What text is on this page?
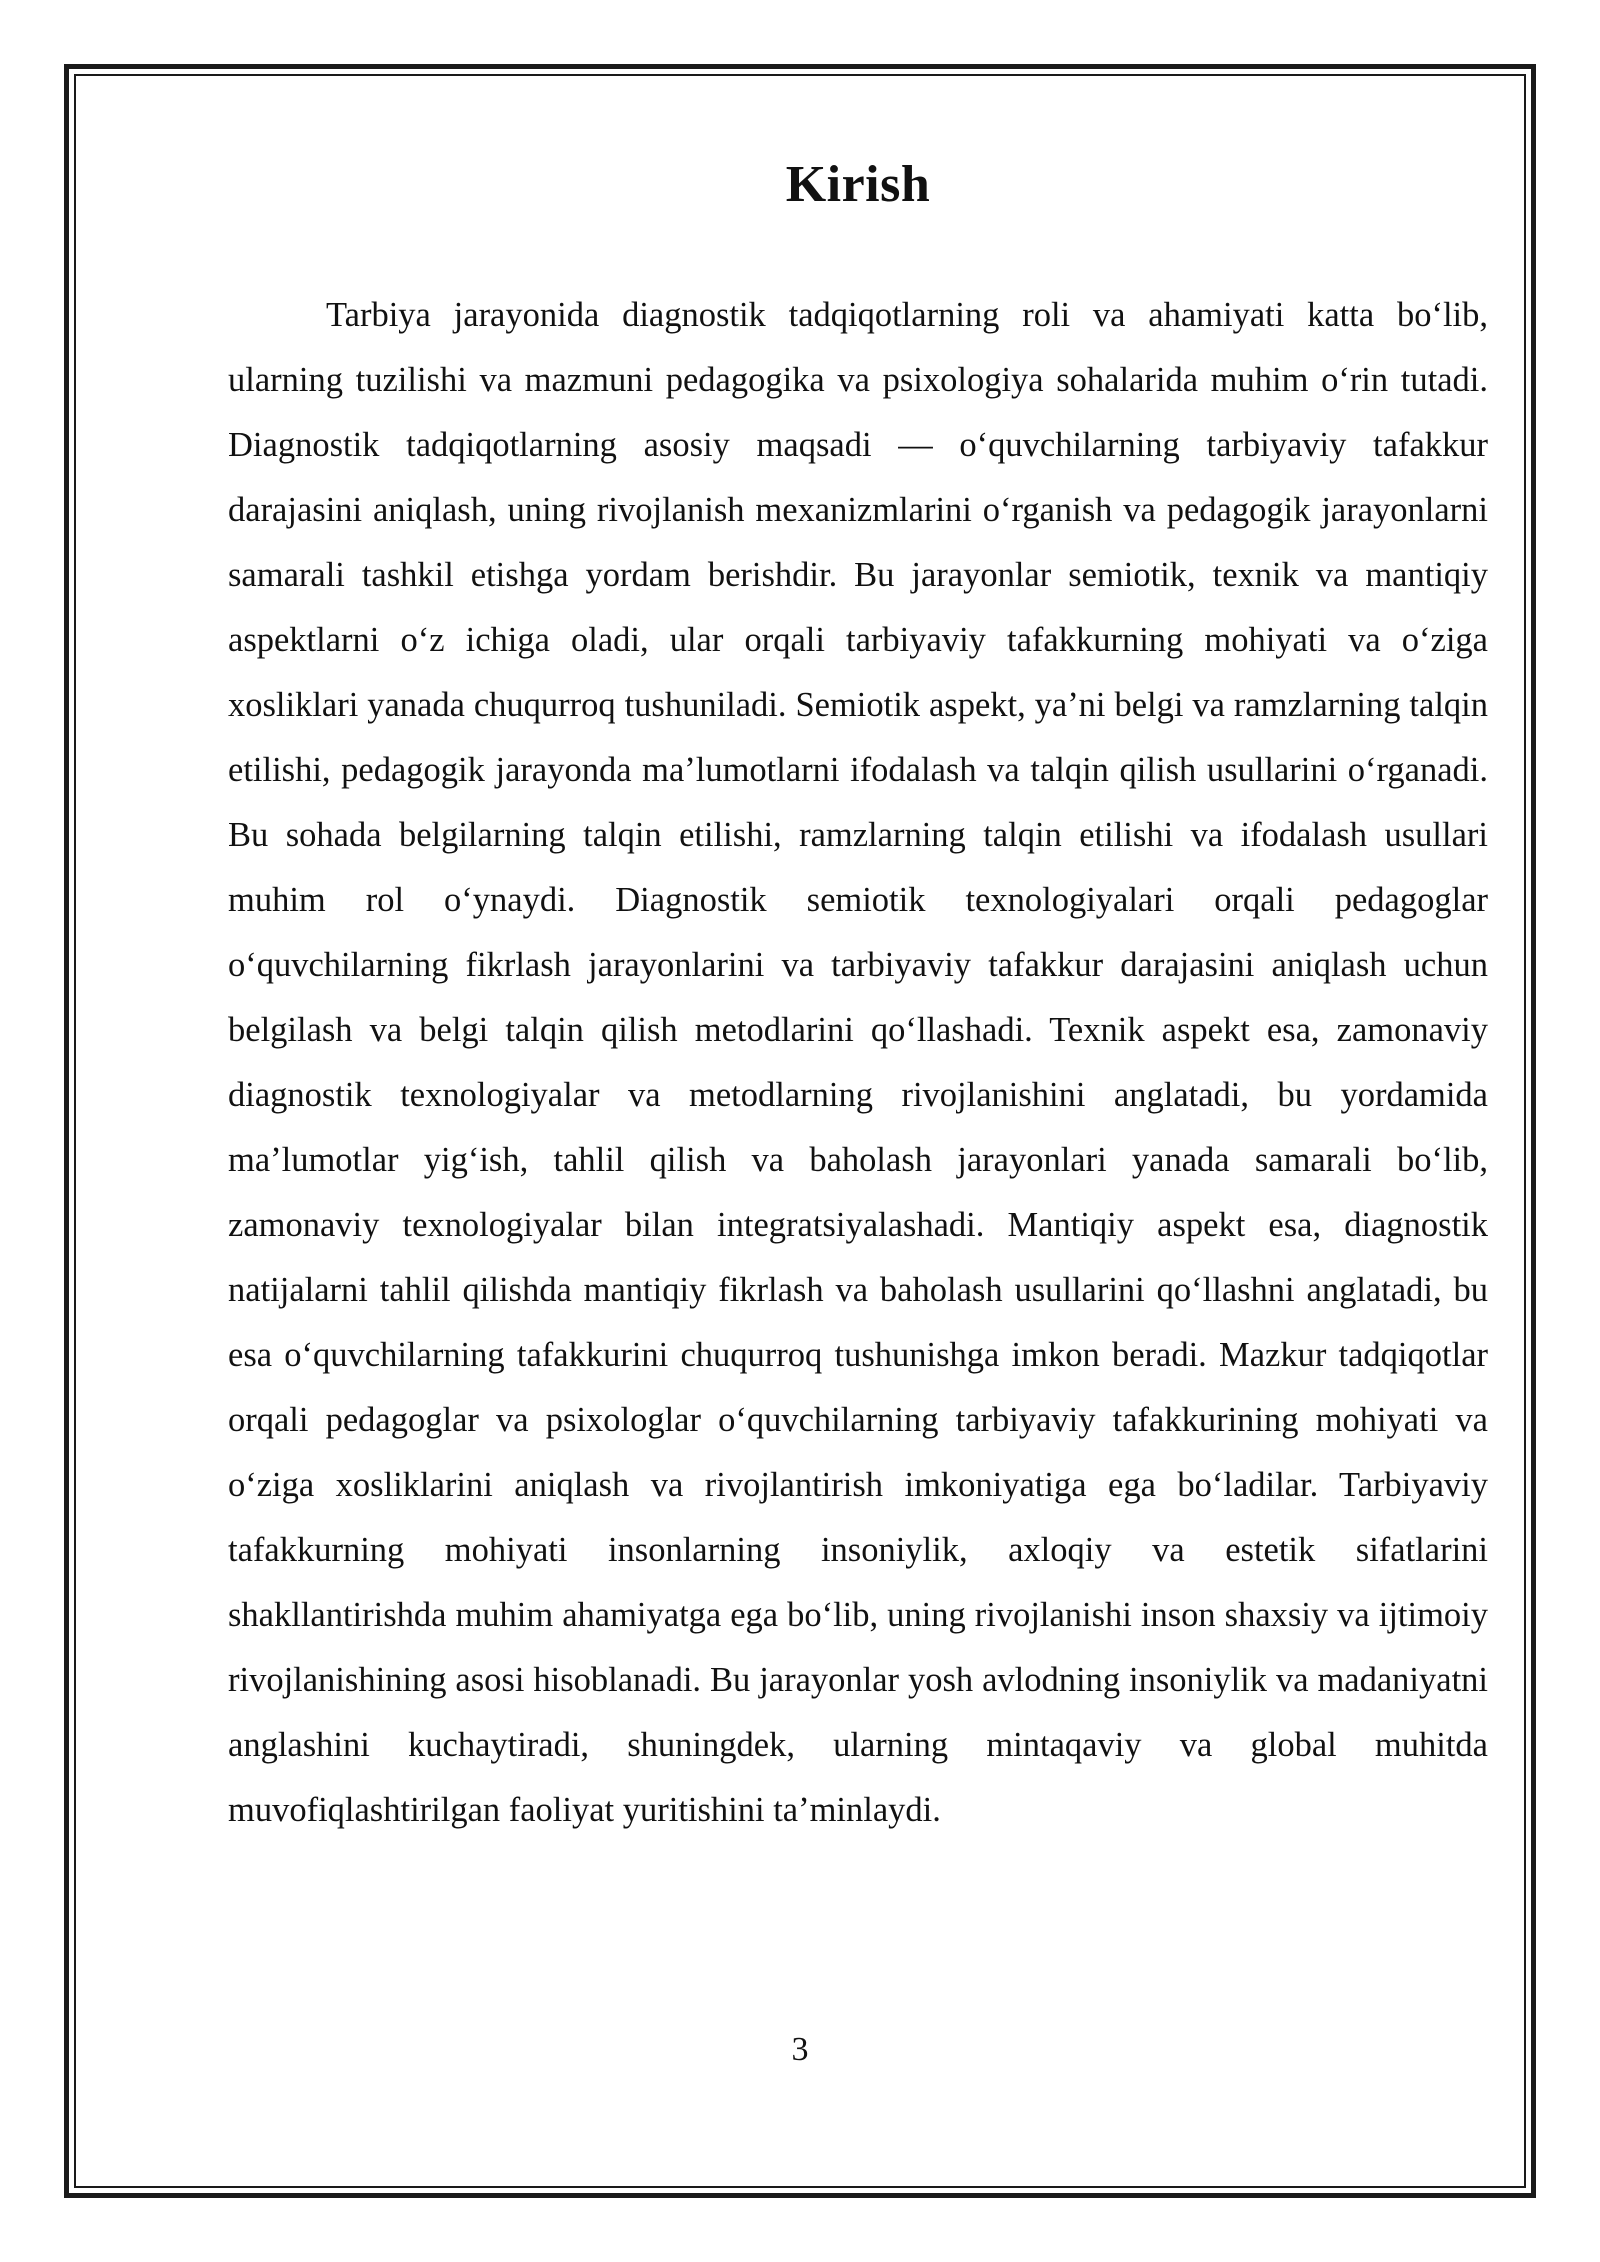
Kirish

Tarbiya jarayonida diagnostik tadqiqotlarning roli va ahamiyati katta boʻlib, ularning tuzilishi va mazmuni pedagogika va psixologiya sohalarida muhim oʻrin tutadi. Diagnostik tadqiqotlarning asosiy maqsadi — oʻquvchilarning tarbiyaviy tafakkur darajasini aniqlash, uning rivojlanish mexanizmlarini oʻrganish va pedagogik jarayonlarni samarali tashkil etishga yordam berishdir. Bu jarayonlar semiotik, texnik va mantiqiy aspektlarni oʻz ichiga oladi, ular orqali tarbiyaviy tafakkurning mohiyati va oʻziga xosliklari yanada chuqurroq tushuniladi. Semiotik aspekt, yaʼni belgi va ramzlarning talqin etilishi, pedagogik jarayonda maʼlumotlarni ifodalash va talqin qilish usullarini oʻrganadi. Bu sohada belgilarning talqin etilishi, ramzlarning talqin etilishi va ifodalash usullari muhim rol oʻynaydi. Diagnostik semiotik texnologiyalari orqali pedagoglar oʻquvchilarning fikrlash jarayonlarini va tarbiyaviy tafakkur darajasini aniqlash uchun belgilash va belgi talqin qilish metodlarini qoʻllashadi. Texnik aspekt esa, zamonaviy diagnostik texnologiyalar va metodlarning rivojlanishini anglatadi, bu yordamida maʼlumotlar yigʻish, tahlil qilish va baholash jarayonlari yanada samarali boʻlib, zamonaviy texnologiyalar bilan integratsiyalashadi. Mantiqiy aspekt esa, diagnostik natijalarni tahlil qilishda mantiqiy fikrlash va baholash usullarini qoʻllashni anglatadi, bu esa oʻquvchilarning tafakkurini chuqurroq tushunishga imkon beradi. Mazkur tadqiqotlar orqali pedagoglar va psixologlar oʻquvchilarning tarbiyaviy tafakkurining mohiyati va oʻziga xosliklarini aniqlash va rivojlantirish imkoniyatiga ega boʻladilar. Tarbiyaviy tafakkurning mohiyati insonlarning insoniylik, axloqiy va estetik sifatlarini shakllantirishda muhim ahamiyatga ega boʻlib, uning rivojlanishi inson shaxsiy va ijtimoiy rivojlanishining asosi hisoblanadi. Bu jarayonlar yosh avlodning insoniylik va madaniyatni anglashini kuchaytiradi, shuningdek, ularning mintaqaviy va global muhitda muvofiqlashtirilgan faoliyat yuritishini taʼminlaydi.

3
